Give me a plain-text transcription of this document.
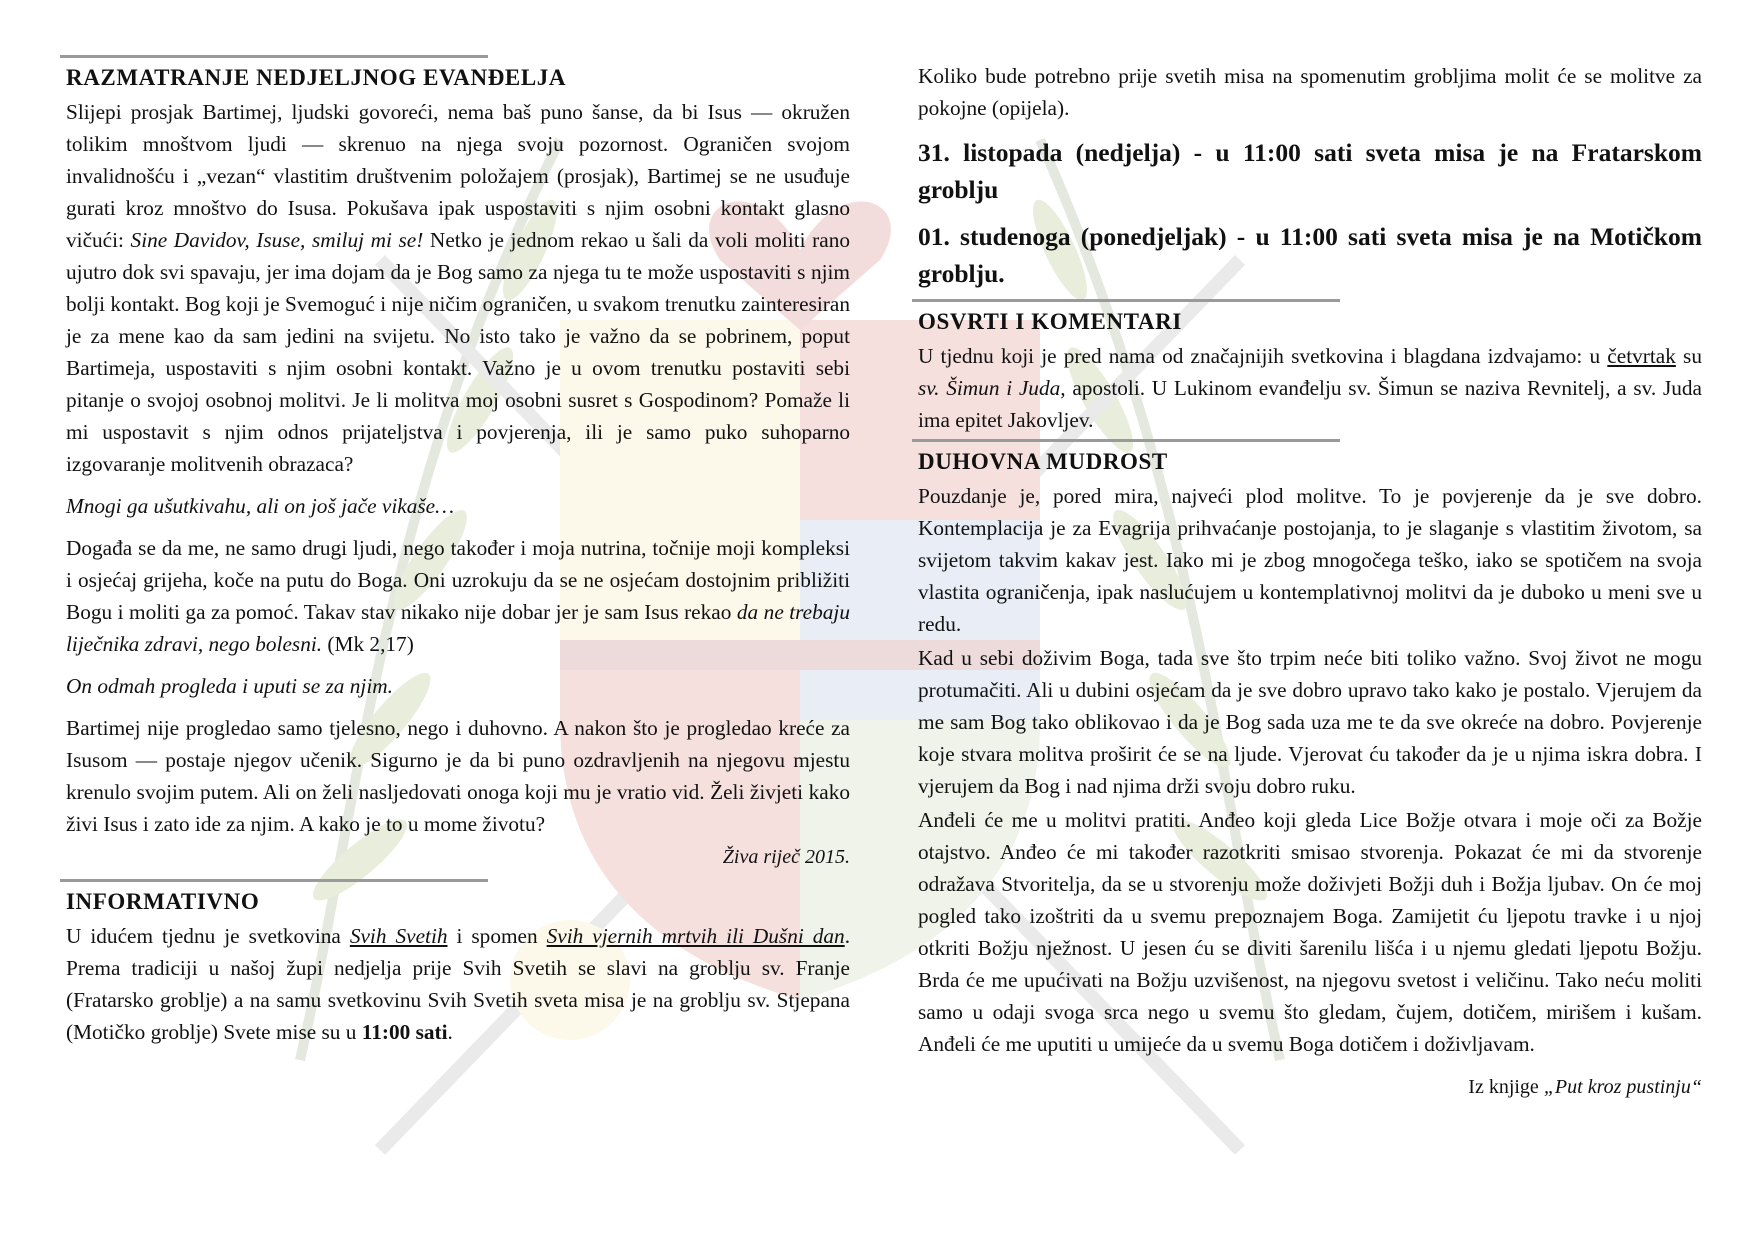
RAZMATRANJE NEDJELJNOG EVANĐELJA

Slijepi prosjak Bartimej, ljudski govoreći, nema baš puno šanse, da bi Isus — okružen tolikim mnoštvom ljudi — skrenuo na njega svoju pozornost. Ograničen svojom invalidnošću i „vezan“ vlastitim društvenim položajem (prosjak), Bartimej se ne usuđuje gurati kroz mnoštvo do Isusa. Pokušava ipak uspostaviti s njim osobni kontakt glasno vičući: Sine Davidov, Isuse, smiluj mi se! Netko je jednom rekao u šali da voli moliti rano ujutro dok svi spavaju, jer ima dojam da je Bog samo za njega tu te može uspostaviti s njim bolji kontakt. Bog koji je Svemoguć i nije ničim ograničen, u svakom trenutku zainteresiran je za mene kao da sam jedini na svijetu. No isto tako je važno da se pobrinem, poput Bartimeja, uspostaviti s njim osobni kontakt. Važno je u ovom trenutku postaviti sebi pitanje o svojoj osobnoj molitvi. Je li molitva moj osobni susret s Gospodinom? Pomaže li mi uspostavit s njim odnos prijateljstva i povjerenja, ili je samo puko suhoparno izgovaranje molitvenih obrazaca?

Mnogi ga ušutkivahu, ali on još jače vikaše…

Događa se da me, ne samo drugi ljudi, nego također i moja nutrina, točnije moji kompleksi i osjećaj grijeha, koče na putu do Boga. Oni uzrokuju da se ne osjećam dostojnim približiti Bogu i moliti ga za pomoć. Takav stav nikako nije dobar jer je sam Isus rekao da ne trebaju liječnika zdravi, nego bolesni. (Mk 2,17)

On odmah progleda i uputi se za njim.

Bartimej nije progledao samo tjelesno, nego i duhovno. A nakon što je progledao kreće za Isusom — postaje njegov učenik. Sigurno je da bi puno ozdravljenih na njegovu mjestu krenulo svojim putem. Ali on želi nasljedovati onoga koji mu je vratio vid. Želi živjeti kako živi Isus i zato ide za njim. A kako je to u mome životu?

Živa riječ 2015.
INFORMATIVNO

U idućem tjednu je svetkovina Svih Svetih i spomen Svih vjernih mrtvih ili Dušni dan. Prema tradiciji u našoj župi nedjelja prije Svih Svetih se slavi na groblju sv. Franje (Fratarsko groblje) a na samu svetkovinu Svih Svetih sveta misa je na groblju sv. Stjepana (Motičko groblje) Svete mise su u 11:00 sati.

Koliko bude potrebno prije svetih misa na spomenutim grobljima molit će se molitve za pokojne (opijela).

31. listopada (nedjelja) - u 11:00 sati sveta misa je na Fratarskom groblju

01. studenoga (ponedjeljak) - u 11:00 sati sveta misa je na Motičkom groblju.

OSVRTI I KOMENTARI

U tjednu koji je pred nama od značajnijih svetkovina i blagdana izdvajamo: u četvrtak su sv. Šimun i Juda, apostoli. U Lukinom evanđelju sv. Šimun se naziva Revnitelj, a sv. Juda ima epitet Jakovljev.

DUHOVNA MUDROST

Pouzdanje je, pored mira, najveći plod molitve. To je povjerenje da je sve dobro. Kontemplacija je za Evagrija prihvaćanje postojanja, to je slaganje s vlastitim životom, sa svijetom takvim kakav jest. Iako mi je zbog mnogočega teško, iako se spotičem na svoja vlastita ograničenja, ipak naslućujem u kontemplativnoj molitvi da je duboko u meni sve u redu.

Kad u sebi doživim Boga, tada sve što trpim neće biti toliko važno. Svoj život ne mogu protumačiti. Ali u dubini osjećam da je sve dobro upravo tako kako je postalo. Vjerujem da me sam Bog tako oblikovao i da je Bog sada uza me te da sve okreće na dobro. Povjerenje koje stvara molitva proširit će se na ljude. Vjerovat ću također da je u njima iskra dobra. I vjerujem da Bog i nad njima drži svoju dobro ruku.

Anđeli će me u molitvi pratiti. Anđeo koji gleda Lice Božje otvara i moje oči za Božje otajstvo. Anđeo će mi također razotkriti smisao stvorenja. Pokazat će mi da stvorenje odražava Stvoritelja, da se u stvorenju može doživjeti Božji duh i Božja ljubav. On će moj pogled tako izoštriti da u svemu prepoznajem Boga. Zamijetit ću ljepotu travke i u njoj otkriti Božju nježnost. U jesen ću se diviti šarenilu lišća i u njemu gledati ljepotu Božju. Brda će me upućivati na Božju uzvišenost, na njegovu svetost i veličinu. Tako neću moliti samo u odaji svoga srca nego u svemu što gledam, čujem, dotičem, mirišem i kušam. Anđeli će me uputiti u umijeće da u svemu Boga dotičem i doživljavam.

Iz knjige „Put kroz pustinju“
